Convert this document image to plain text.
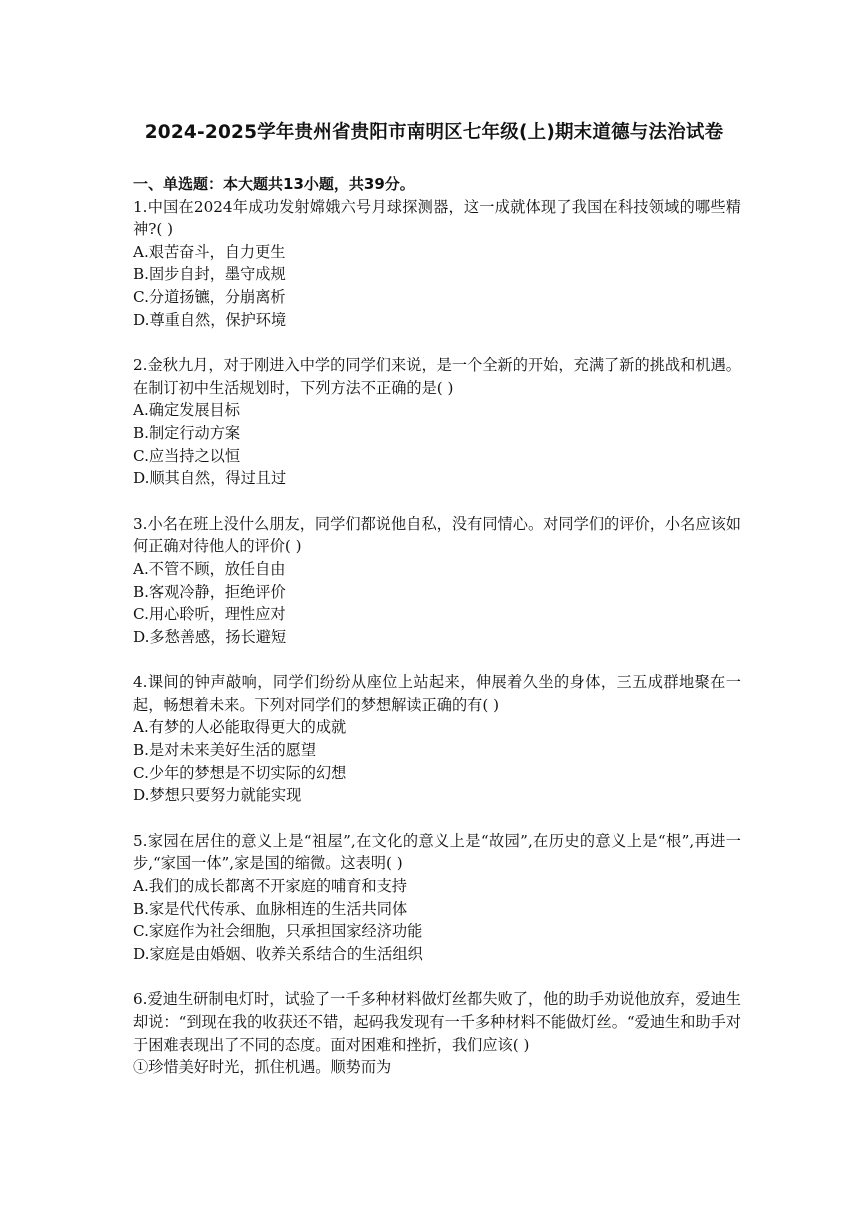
2024-2025学年贵州省贵阳市南明区七年级(上)期末道德与法治试卷

一、单选题：本大题共13小题，共39分。

1.中国在2024年成功发射嫦娥六号月球探测器，这一成就体现了我国在科技领域的哪些精神?( )

A.艰苦奋斗，自力更生

B.固步自封，墨守成规

C.分道扬镳，分崩离析

D.尊重自然，保护环境

2.金秋九月，对于刚进入中学的同学们来说，是一个全新的开始，充满了新的挑战和机遇。在制订初中生活规划时，下列方法不正确的是( )

A.确定发展目标

B.制定行动方案

C.应当持之以恒

D.顺其自然，得过且过

3.小名在班上没什么朋友，同学们都说他自私，没有同情心。对同学们的评价，小名应该如何正确对待他人的评价( )

A.不管不顾，放任自由

B.客观冷静，拒绝评价

C.用心聆听，理性应对

D.多愁善感，扬长避短

4.课间的钟声敲响，同学们纷纷从座位上站起来，伸展着久坐的身体，三五成群地聚在一起，畅想着未来。下列对同学们的梦想解读正确的有( )

A.有梦的人必能取得更大的成就

B.是对未来美好生活的愿望

C.少年的梦想是不切实际的幻想

D.梦想只要努力就能实现

5.家园在居住的意义上是“祖屋”,在文化的意义上是“故园”,在历史的意义上是“根”,再进一步,“家国一体”,家是国的缩微。这表明( )

A.我们的成长都离不开家庭的哺育和支持

B.家是代代传承、血脉相连的生活共同体

C.家庭作为社会细胞，只承担国家经济功能

D.家庭是由婚姻、收养关系结合的生活组织

6.爱迪生研制电灯时，试验了一千多种材料做灯丝都失败了，他的助手劝说他放弃，爱迪生却说：“到现在我的收获还不错，起码我发现有一千多种材料不能做灯丝。“爱迪生和助手对于困难表现出了不同的态度。面对困难和挫折，我们应该( )

①珍惜美好时光，抓住机遇。顺势而为
